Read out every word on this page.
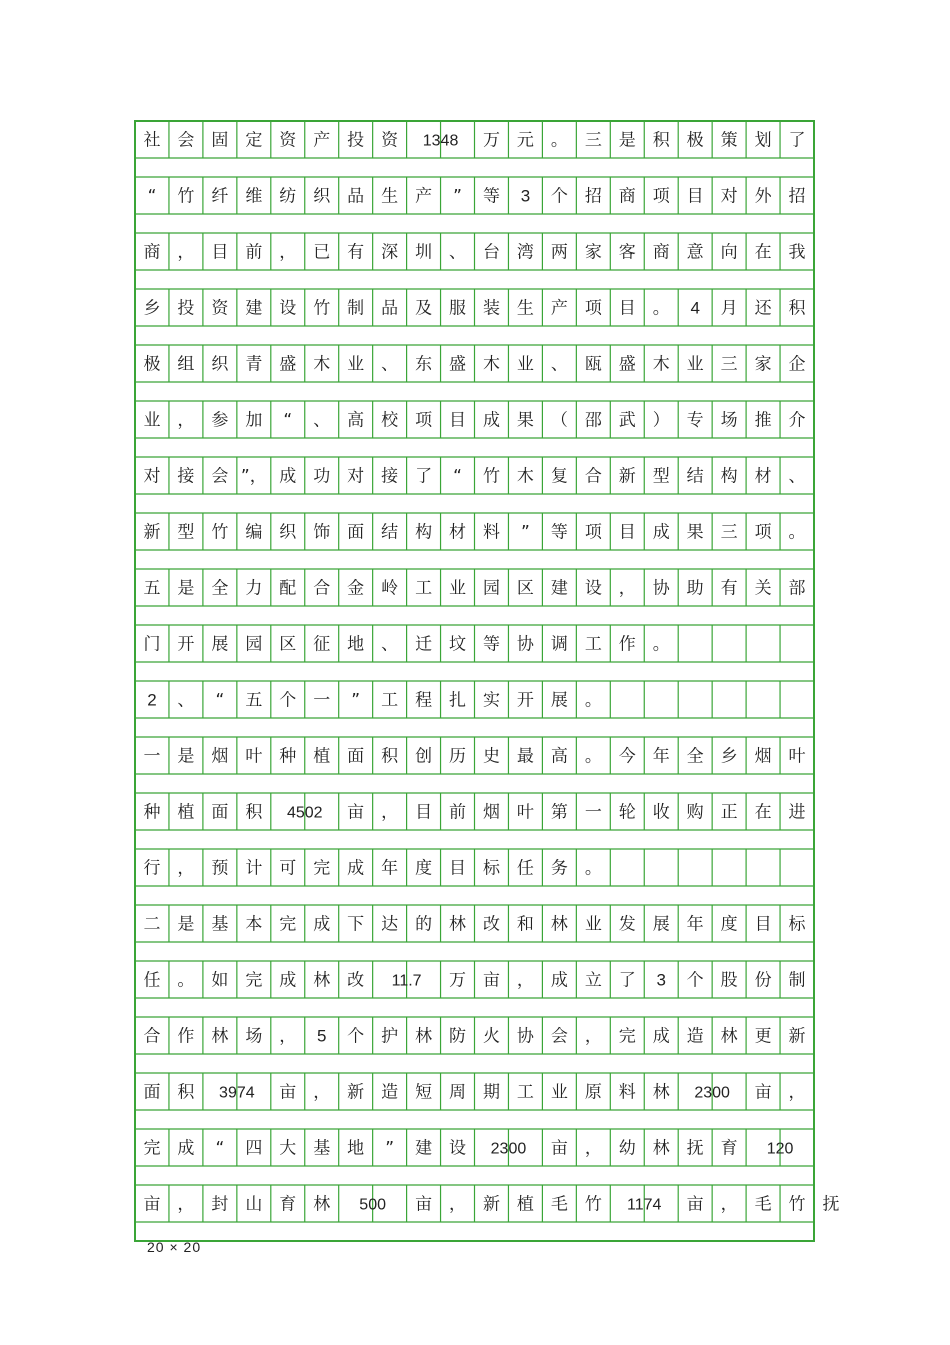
社 会 固 定 资 产 投 资 1348 万 元 。 三 是 积 极 策 划 了
“ 竹 纤 维 纺 织 品 生 产 ” 等 3 个 招 商 项 目 对 外 招
商 ， 目 前 ， 已 有 深 圳 、 台 湾 两 家 客 商 意 向 在 我
乡 投 资 建 设 竹 制 品 及 服 装 生 产 项 目 。 4 月 还 积
极 组 织 青 盛 木 业 、 东 盛 木 业 、 瓯 盛 木 业 三 家 企
业 ， 参 加 “ 、 高 校 项 目 成 果 （ 邵 武 ） 专 场 推 介
对 接 会 ”， 成 功 对 接 了 “ 竹 木 复 合 新 型 结 构 材 、
新 型 竹 编 织 饰 面 结 构 材 料 ” 等 项 目 成 果 三 项 。
五 是 全 力 配 合 金 岭 工 业 园 区 建 设 ， 协 助 有 关 部
门 开 展 园 区 征 地 、 迁 坟 等 协 调 工 作 。
2 、 “ 五 个 一 ” 工 程 扎 实 开 展 。
一 是 烟 叶 种 植 面 积 创 历 史 最 高 。 今 年 全 乡 烟 叶
种 植 面 积 4502 亩 ， 目 前 烟 叶 第 一 轮 收 购 正 在 进
行 ， 预 计 可 完 成 年 度 目 标 任 务 。
二 是 基 本 完 成 下 达 的 林 改 和 林 业 发 展 年 度 目 标
任 。 如 完 成 林 改 11.7 万 亩 ， 成 立 了 3 个 股 份 制
合 作 林 场 ， 5 个 护 林 防 火 协 会 ， 完 成 造 林 更 新
面 积 3974 亩 ， 新 造 短 周 期 工 业 原 料 林 2300 亩 ，
完 成 “ 四 大 基 地 ” 建 设 2300 亩 ， 幼 林 抚 育 120
亩 ， 封 山 育 林 500 亩 ， 新 植 毛 竹 1174 亩 ， 毛 竹 抚
20 × 20
